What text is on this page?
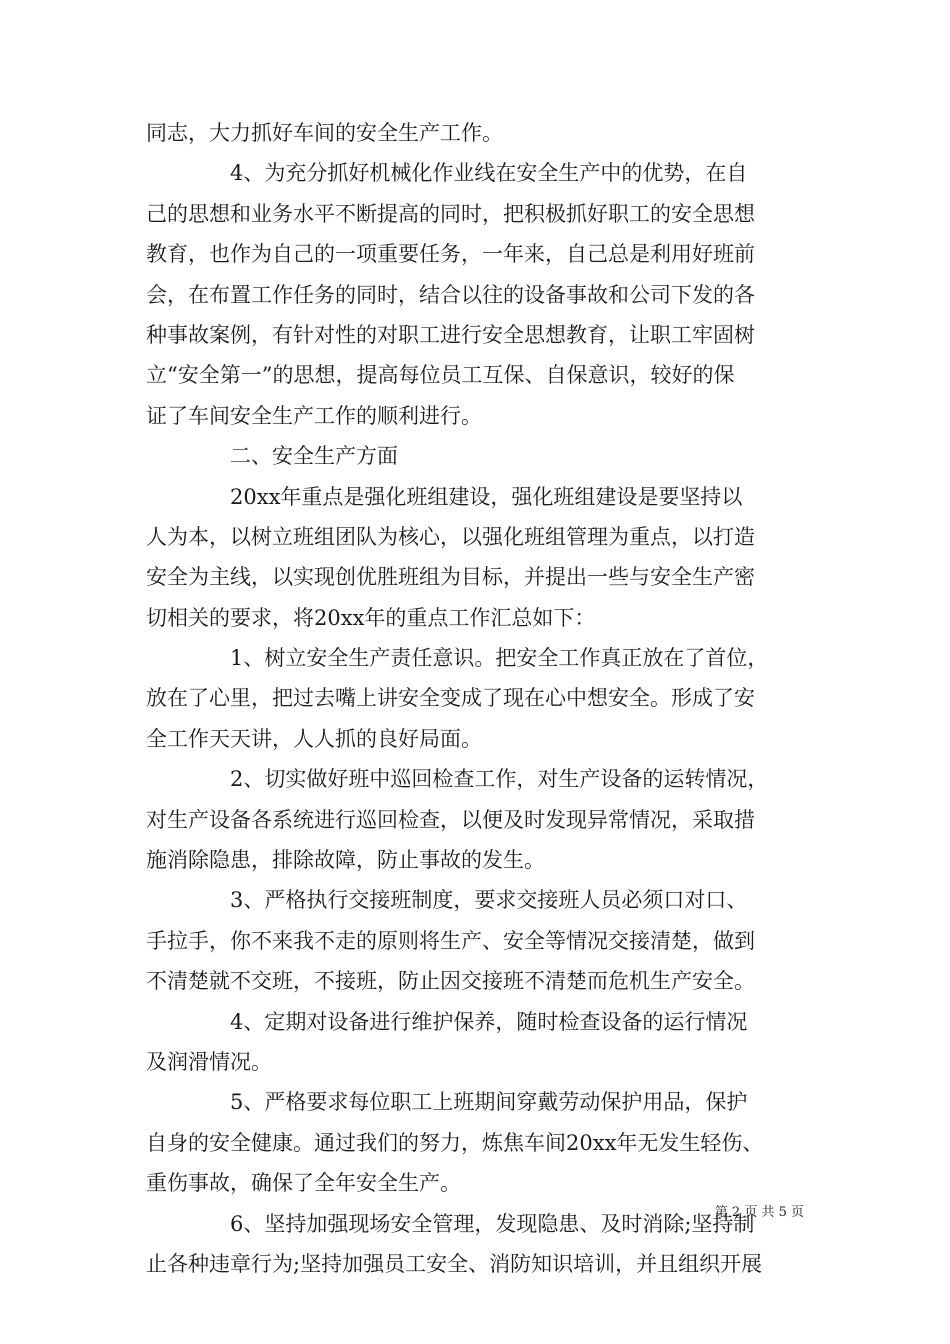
同志，大力抓好车间的安全生产工作。
　　　　4、为充分抓好机械化作业线在安全生产中的优势，在自
己的思想和业务水平不断提高的同时，把积极抓好职工的安全思想
教育，也作为自己的一项重要任务，一年来，自己总是利用好班前
会，在布置工作任务的同时，结合以往的设备事故和公司下发的各
种事故案例，有针对性的对职工进行安全思想教育，让职工牢固树
立“安全第一”的思想，提高每位员工互保、自保意识，较好的保
证了车间安全生产工作的顺利进行。
　　　　二、安全生产方面
　　　　20xx年重点是强化班组建设，强化班组建设是要坚持以
人为本，以树立班组团队为核心，以强化班组管理为重点，以打造
安全为主线，以实现创优胜班组为目标，并提出一些与安全生产密
切相关的要求，将20xx年的重点工作汇总如下：
　　　　1、树立安全生产责任意识。把安全工作真正放在了首位，
放在了心里，把过去嘴上讲安全变成了现在心中想安全。形成了安
全工作天天讲，人人抓的良好局面。
　　　　2、切实做好班中巡回检查工作，对生产设备的运转情况，
对生产设备各系统进行巡回检查，以便及时发现异常情况，采取措
施消除隐患，排除故障，防止事故的发生。
　　　　3、严格执行交接班制度，要求交接班人员必须口对口、
手拉手，你不来我不走的原则将生产、安全等情况交接清楚，做到
不清楚就不交班，不接班，防止因交接班不清楚而危机生产安全。
　　　　4、定期对设备进行维护保养，随时检查设备的运行情况
及润滑情况。
　　　　5、严格要求每位职工上班期间穿戴劳动保护用品，保护
自身的安全健康。通过我们的努力，炼焦车间20xx年无发生轻伤、
重伤事故，确保了全年安全生产。
　　　　6、坚持加强现场安全管理，发现隐患、及时消除;坚持制
止各种违章行为;坚持加强员工安全、消防知识培训，并且组织开展
第 2 页 共 5 页
